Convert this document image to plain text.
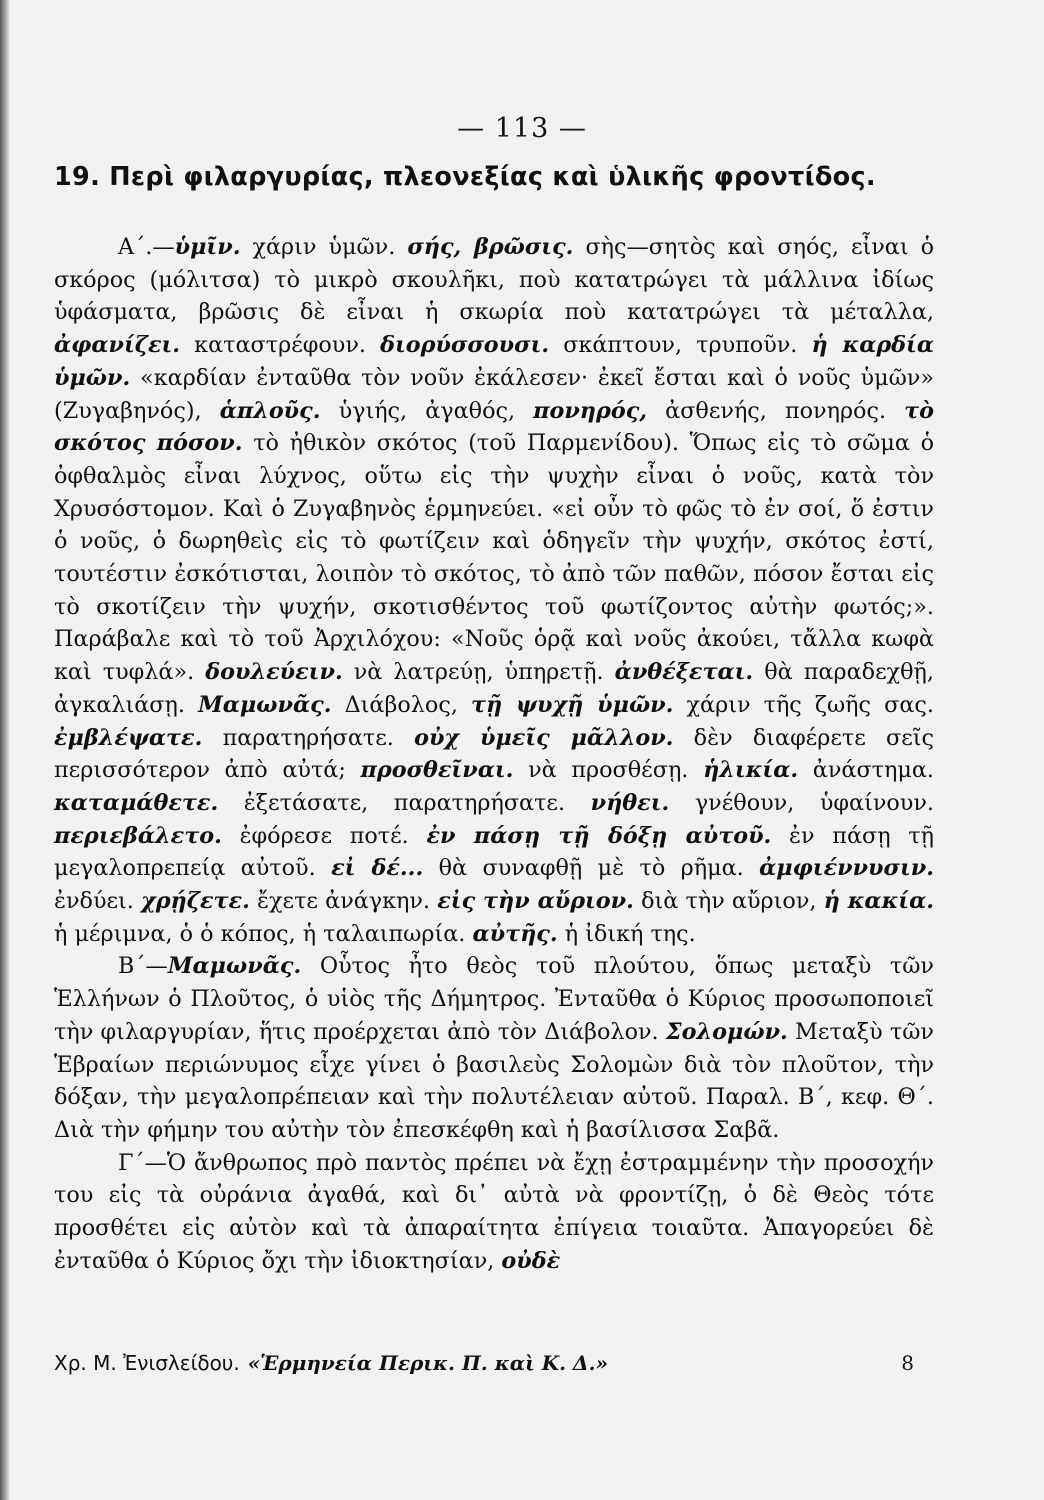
— 113 —
19. Περὶ φιλαργυρίας, πλεονεξίας καὶ ὑλικῆς φροντίδος.

Α΄.—ὑμῖν. χάριν ὑμῶν. σής, βρῶσις. σὴς—σητὸς καὶ σηός, εἶναι ὁ σκόρος (μόλιτσα) τὸ μικρὸ σκουλῆκι, ποὺ κατατρώγει τὰ μάλλινα ἰδίως ὑφάσματα, βρῶσις δὲ εἶναι ἡ σκωρία ποὺ κατατρώγει τὰ μέταλλα, ἀφανίζει. καταστρέφουν. διορύσσουσι. σκάπτουν, τρυποῦν. ἡ καρδία ὑμῶν. «καρδίαν ἐνταῦθα τὸν νοῦν ἐκάλεσεν· ἐκεῖ ἔσται καὶ ὁ νοῦς ὑμῶν» (Ζυγαβηνός), ἁπλοῦς. ὑγιής, ἀγαθός, πονηρός, ἀσθενής, πονηρός. τὸ σκότος πόσον. τὸ ἠθικὸν σκότος (τοῦ Παρμενίδου). Ὅπως εἰς τὸ σῶμα ὁ ὀφθαλμὸς εἶναι λύχνος, οὕτω εἰς τὴν ψυχὴν εἶναι ὁ νοῦς, κατὰ τὸν Χρυσόστομον. Καὶ ὁ Ζυγαβηνὸς ἑρμηνεύει. «εἰ οὖν τὸ φῶς τὸ ἐν σοί, ὅ ἐστιν ὁ νοῦς, ὁ δωρηθεὶς εἰς τὸ φωτίζειν καὶ ὁδηγεῖν τὴν ψυχήν, σκότος ἐστί, τουτέστιν ἐσκότισται, λοιπὸν τὸ σκότος, τὸ ἀπὸ τῶν παθῶν, πόσον ἔσται εἰς τὸ σκοτίζειν τὴν ψυχήν, σκοτισθέντος τοῦ φωτίζοντος αὐτὴν φωτός;». Παράβαλε καὶ τὸ τοῦ Ἀρχιλόχου: «Νοῦς ὁρᾷ καὶ νοῦς ἀκούει, τἄλλα κωφὰ καὶ τυφλά». δουλεύειν. νὰ λατρεύῃ, ὑπηρετῇ. ἀνθέξεται. θὰ παραδεχθῇ, ἀγκαλιάσῃ. Μαμωνᾶς. Διάβολος, τῇ ψυχῇ ὑμῶν. χάριν τῆς ζωῆς σας. ἐμβλέψατε. παρατηρήσατε. οὐχ ὑμεῖς μᾶλλον. δὲν διαφέρετε σεῖς περισσότερον ἀπὸ αὐτά; προσθεῖναι. νὰ προσθέσῃ. ἡλικία. ἀνάστημα. καταμάθετε. ἐξετάσατε, παρατηρήσατε. νήθει. γνέθουν, ὑφαίνουν. περιεβάλετο. ἐφόρεσε ποτέ. ἐν πάσῃ τῇ δόξῃ αὐτοῦ. ἐν πάσῃ τῇ μεγαλοπρεπείᾳ αὐτοῦ. εἰ δέ... θὰ συναφθῇ μὲ τὸ ρῆμα. ἀμφιέννυσιν. ἐνδύει. χρῄζετε. ἔχετε ἀνάγκην. εἰς τὴν αὔριον. διὰ τὴν αὔριον, ἡ κακία. ἡ μέριμνα, ὁ ὁ κόπος, ἡ ταλαιπωρία. αὐτῆς. ἡ ἰδική της.

Β΄—Μαμωνᾶς. Οὗτος ἦτο θεὸς τοῦ πλούτου, ὅπως μεταξὺ τῶν Ἑλλήνων ὁ Πλοῦτος, ὁ υἱὸς τῆς Δήμητρος. Ἐνταῦθα ὁ Κύριος προσωποποιεῖ τὴν φιλαργυρίαν, ἥτις προέρχεται ἀπὸ τὸν Διάβολον. Σολομών. Μεταξὺ τῶν Ἑβραίων περιώνυμος εἶχε γίνει ὁ βασιλεὺς Σολομὼν διὰ τὸν πλοῦτον, τὴν δόξαν, τὴν μεγαλοπρέπειαν καὶ τὴν πολυτέλειαν αὐτοῦ. Παραλ. Β΄, κεφ. Θ΄. Διὰ τὴν φήμην του αὐτὴν τὸν ἐπεσκέφθη καὶ ἡ βασίλισσα Σαβᾶ.

Γ΄—Ὁ ἄνθρωπος πρὸ παντὸς πρέπει νὰ ἔχῃ ἐστραμμένην τὴν προσοχήν του εἰς τὰ οὐράνια ἀγαθά, καὶ δι᾽ αὐτὰ νὰ φροντίζῃ, ὁ δὲ Θεὸς τότε προσθέτει εἰς αὐτὸν καὶ τὰ ἀπαραίτητα ἐπίγεια τοιαῦτα. Ἀπαγορεύει δὲ ἐνταῦθα ὁ Κύριος ὄχι τὴν ἰδιοκτησίαν, οὐδὲ

Χρ. Μ. Ἐνισλείδου. «Ἑρμηνεία Περικ. Π. καὶ Κ. Δ.»	8
